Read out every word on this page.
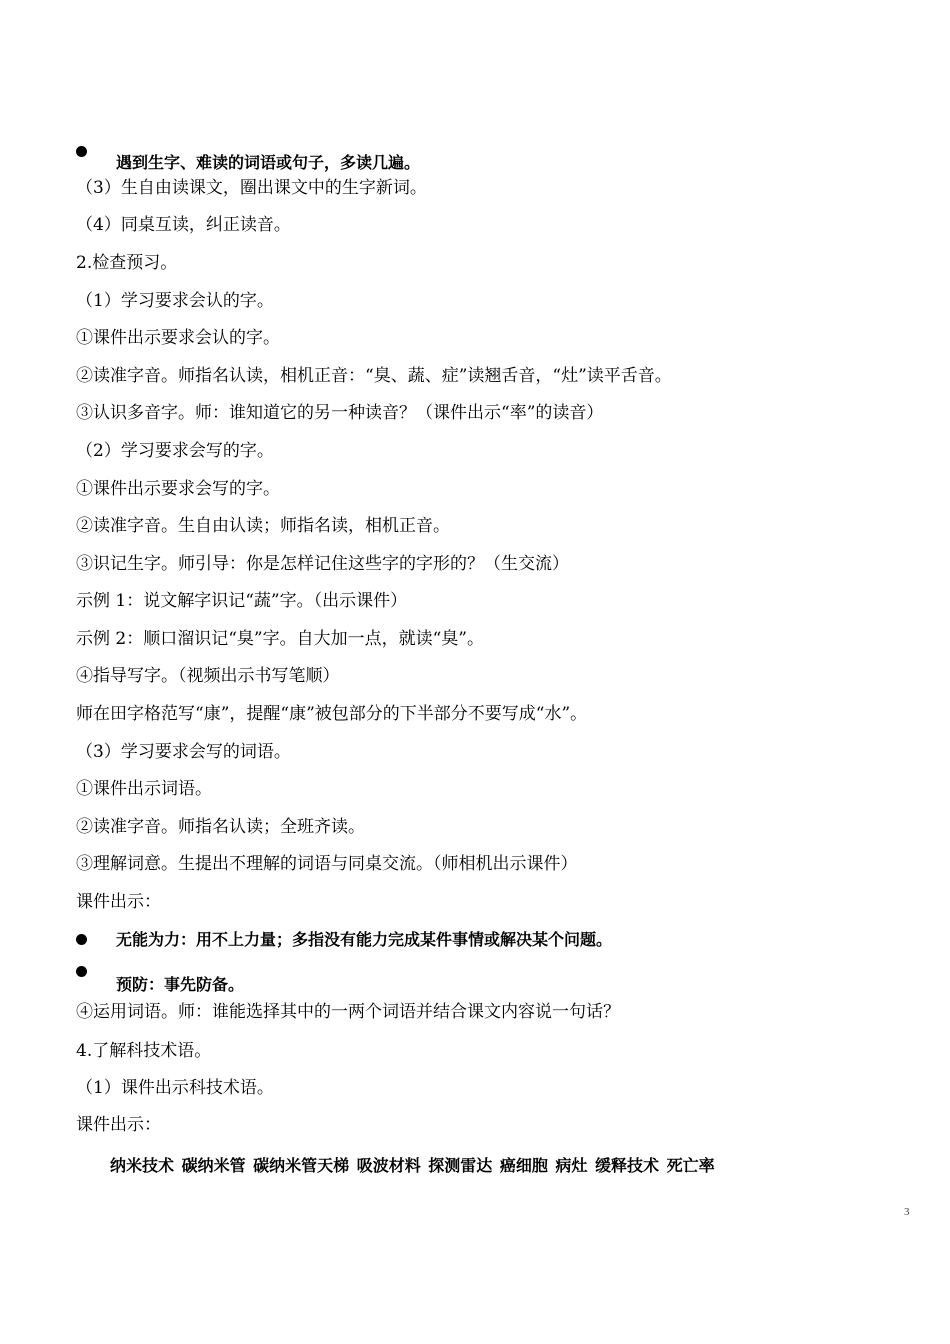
遇到生字、难读的词语或句子，多读几遍。
（3）生自由读课文，圈出课文中的生字新词。
（4）同桌互读，纠正读音。
2.检查预习。
（1）学习要求会认的字。
①课件出示要求会认的字。
②读准字音。师指名认读，相机正音：“臭、蔬、症”读翘舌音，“灶”读平舌音。
③认识多音字。师：谁知道它的另一种读音？（课件出示“率”的读音）
（2）学习要求会写的字。
①课件出示要求会写的字。
②读准字音。生自由认读；师指名读，相机正音。
③识记生字。师引导：你是怎样记住这些字的字形的？（生交流）
示例 1：说文解字识记“蔬”字。（出示课件）
示例 2：顺口溜识记“臭”字。自大加一点，就读“臭”。
④指导写字。（视频出示书写笔顺）
师在田字格范写“康”，提醒“康”被包部分的下半部分不要写成“水”。
（3）学习要求会写的词语。
①课件出示词语。
②读准字音。师指名认读；全班齐读。
③理解词意。生提出不理解的词语与同桌交流。（师相机出示课件）
课件出示：
无能为力：用不上力量；多指没有能力完成某件事情或解决某个问题。
预防：事先防备。
④运用词语。师：谁能选择其中的一两个词语并结合课文内容说一句话？
4.了解科技术语。
（1）课件出示科技术语。
课件出示：
纳米技术 碳纳米管 碳纳米管天梯 吸波材料 探测雷达 癌细胞 病灶 缓释技术 死亡率
3
